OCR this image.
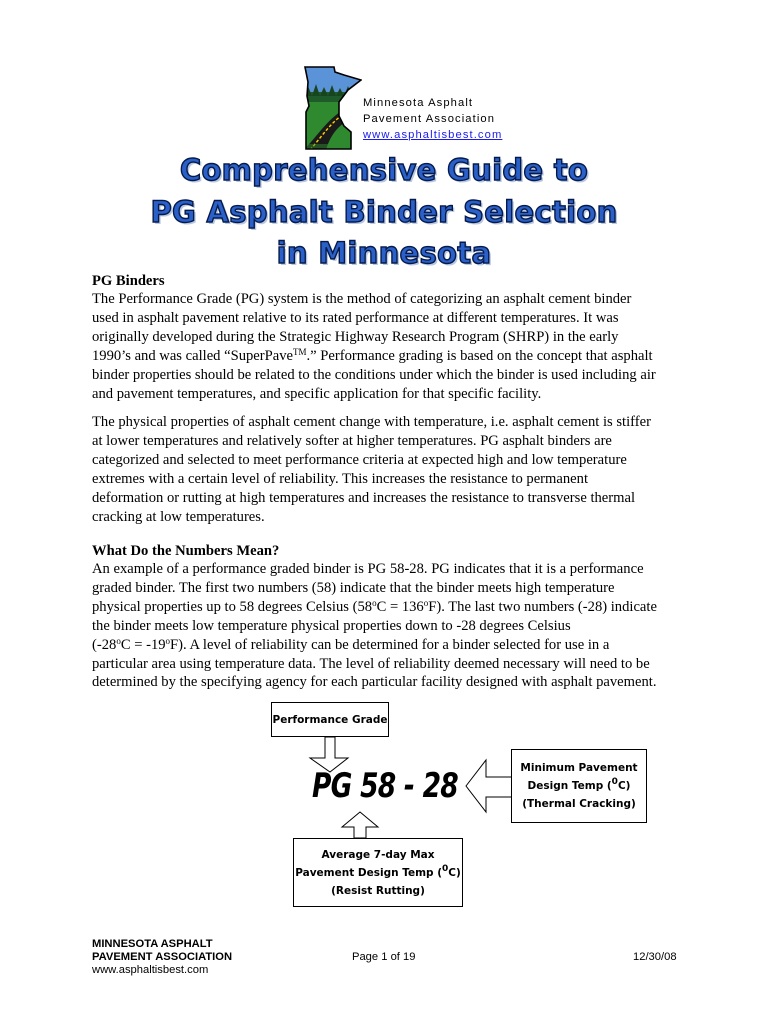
Minnesota Asphalt
Pavement Association
www.asphaltisbest.com
Comprehensive Guide to
PG Asphalt Binder Selection
in Minnesota
PG Binders

The Performance Grade (PG) system is the method of categorizing an asphalt cement binder

used in asphalt pavement relative to its rated performance at different temperatures. It was

originally developed during the Strategic Highway Research Program (SHRP) in the early

1990’s and was called “SuperPave™.” Performance grading is based on the concept that asphalt

binder properties should be related to the conditions under which the binder is used including air

and pavement temperatures, and specific application for that specific facility.

The physical properties of asphalt cement change with temperature, i.e. asphalt cement is stiffer

at lower temperatures and relatively softer at higher temperatures. PG asphalt binders are

categorized and selected to meet performance criteria at expected high and low temperature

extremes with a certain level of reliability. This increases the resistance to permanent

deformation or rutting at high temperatures and increases the resistance to transverse thermal

cracking at low temperatures.

What Do the Numbers Mean?

An example of a performance graded binder is PG 58-28. PG indicates that it is a performance

graded binder. The first two numbers (58) indicate that the binder meets high temperature

physical properties up to 58 degrees Celsius $(58^oC = 136^oF)$. The last two numbers (-28) indicate

the binder meets low temperature physical properties down to -28 degrees Celsius

$(-28^oC = -19^oF)$. A level of reliability can be determined for a binder selected for use in a

particular area using temperature data. The level of reliability deemed necessary will need to be

determined by the specifying agency for each particular facility designed with asphalt pavement.

Performance Grade
PG 58 - 28	Minimum Pavement
Design Temp ($^0$C)
(Thermal Cracking)
Average 7-day Max
Pavement Design Temp ($^0$C)
(Resist Rutting)
MINNESOTA ASPHALT
PAVEMENT ASSOCIATION
www.asphaltisbest.com
Page 1 of 19	12/30/08
